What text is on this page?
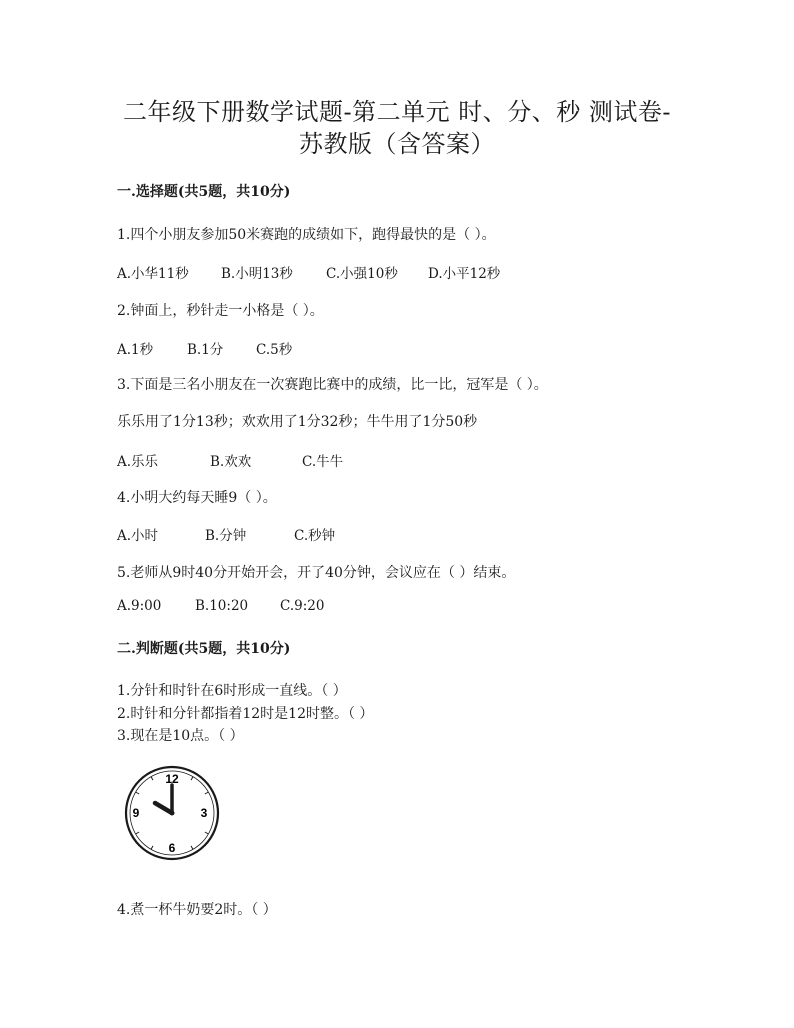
二年级下册数学试题-第二单元 时、分、秒 测试卷-
苏教版（含答案）
一.选择题(共5题，共10分)
1.四个小朋友参加50米赛跑的成绩如下，跑得最快的是（ ）。
A.小华11秒 B.小明13秒 C.小强10秒 D.小平12秒
2.钟面上，秒针走一小格是（ ）。
A.1秒	B.1分 C.5秒
3.下面是三名小朋友在一次赛跑比赛中的成绩，比一比，冠军是（ ）。
乐乐用了1分13秒；欢欢用了1分32秒；牛牛用了1分50秒
A.乐乐	B.欢欢	C.牛牛
4.小明大约每天睡9（ ）。
A.小时	B.分钟	C.秒钟
5.老师从9时40分开始开会，开了40分钟，会议应在（ ）结束。
A.9:00 B.10:20 C.9:20
二.判断题(共5题，共10分)
1.分针和时针在6时形成一直线。（ ）
2.时针和分针都指着12时是12时整。（ ）
3.现在是10点。（ ）
12
3
6
9
4.煮一杯牛奶要2时。（ ）
